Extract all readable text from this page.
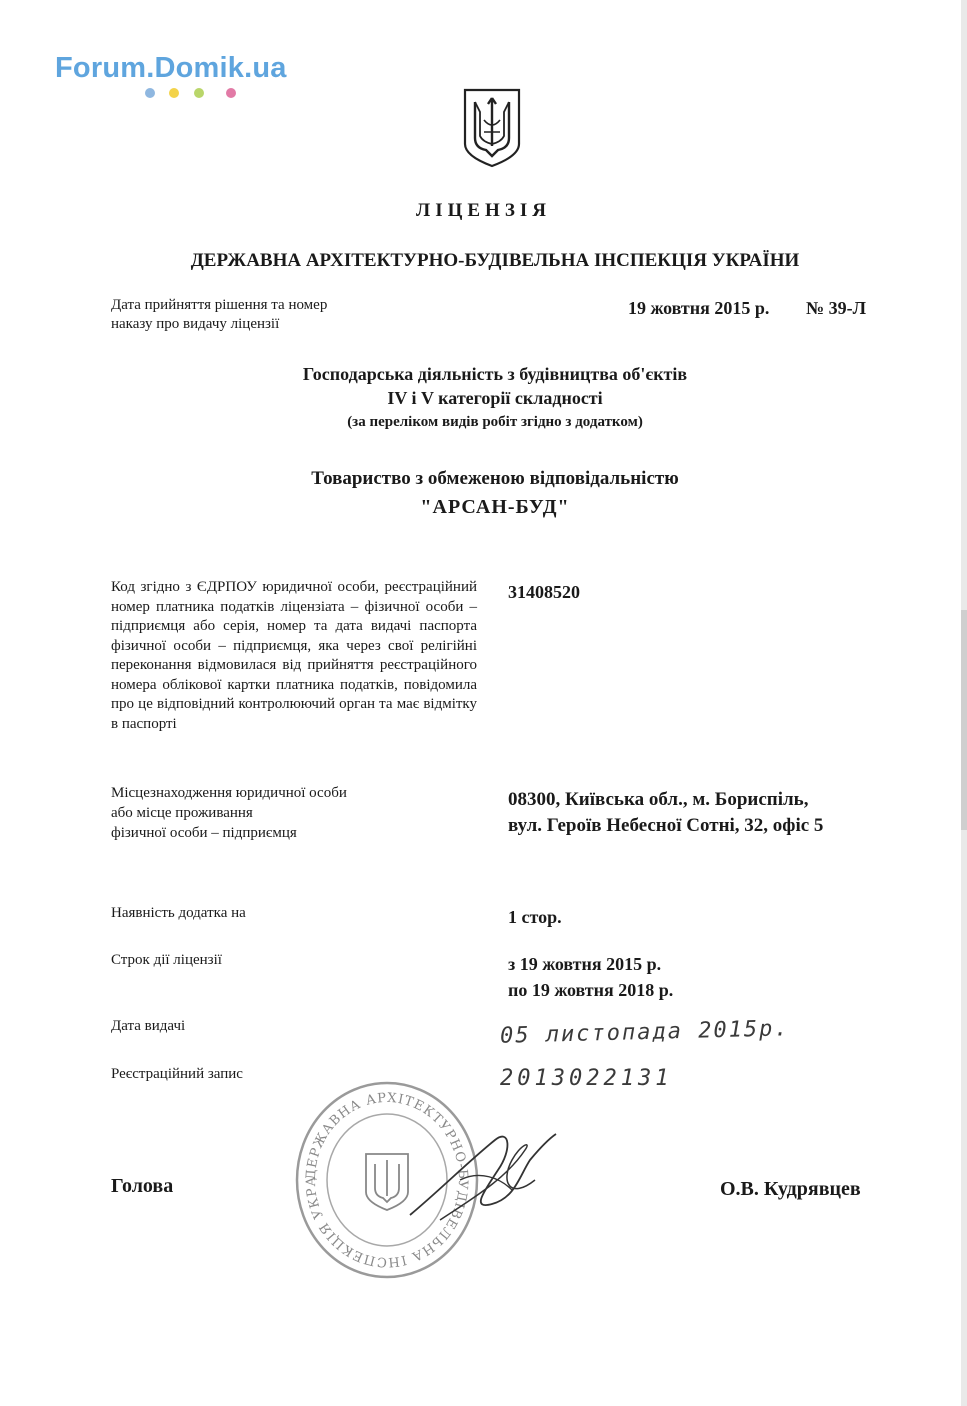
Forum.Domik.ua
ЛІЦЕНЗІЯ
ДЕРЖАВНА АРХІТЕКТУРНО-БУДІВЕЛЬНА ІНСПЕКЦІЯ УКРАЇНИ
Дата прийняття рішення та номер
наказу про видачу ліцензії
19 жовтня 2015 р. № 39-Л
Господарська діяльність з будівництва об'єктів
IV і V категорії складності
(за переліком видів робіт згідно з додатком)
Товариство з обмеженою відповідальністю
"АРСАН-БУД"
Код згідно з ЄДРПОУ юридичної особи, реєстраційний номер платника податків ліцензіата – фізичної особи – підприємця або серія, номер та дата видачі паспорта фізичної особи – підприємця, яка через свої релігійні переконання відмовилася від прийняття реєстраційного номера облікової картки платника податків, повідомила про це відповідний контролюючий орган та має відмітку в паспорті
31408520
Місцезнаходження юридичної особи
або місце проживання
фізичної особи – підприємця
08300, Київська обл., м. Бориспіль,
вул. Героїв Небесної Сотні, 32, офіс 5
Наявність додатка на	1 стор.
Строк дії ліцензії	з 19 жовтня 2015 р.
по 19 жовтня 2018 р.
Дата видачі	05 листопада 2015р.
Реєстраційний запис	2013022131
ДЕРЖАВНА АРХІТЕКТУРНО-БУДІВЕЛЬНА ІНСПЕКЦІЯ УКРА
Голова	О.В. Кудрявцев
